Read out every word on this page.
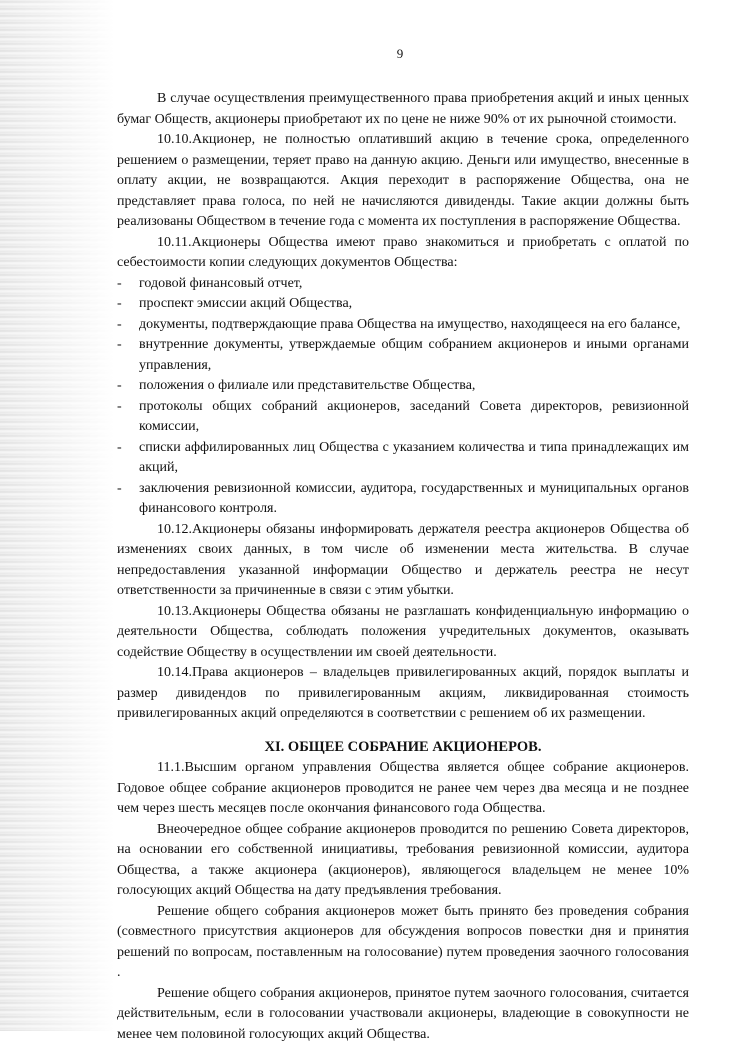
9

В случае осуществления преимущественного права приобретения акций и иных ценных бумаг Обществ, акционеры приобретают их по цене не ниже 90% от их рыночной стоимости.

10.10.Акционер, не полностью оплативший акцию в течение срока, определенного решением о размещении, теряет право на данную акцию. Деньги или имущество, внесенные в оплату акции, не возвращаются. Акция переходит в распоряжение Общества, она не представляет права голоса, по ней не начисляются дивиденды. Такие акции должны быть реализованы Обществом в течение года с момента их поступления в распоряжение Общества.

10.11.Акционеры Общества имеют право знакомиться и приобретать с оплатой по себестоимости копии следующих документов Общества:

- годовой финансовый отчет,
- проспект эмиссии акций Общества,
- документы, подтверждающие права Общества на имущество, находящееся на его балансе,
- внутренние документы, утверждаемые общим собранием акционеров и иными органами управления,
- положения о филиале или представительстве Общества,
- протоколы общих собраний акционеров, заседаний Совета директоров, ревизионной комиссии,
- списки аффилированных лиц Общества с указанием количества и типа принадлежащих им акций,
- заключения ревизионной комиссии, аудитора, государственных и муниципальных органов финансового контроля.

10.12.Акционеры обязаны информировать держателя реестра акционеров Общества об изменениях своих данных, в том числе об изменении места жительства. В случае непредоставления указанной информации Общество и держатель реестра не несут ответственности за причиненные в связи с этим убытки.

10.13.Акционеры Общества обязаны не разглашать конфиденциальную информацию о деятельности Общества, соблюдать положения учредительных документов, оказывать содействие Обществу в осуществлении им своей деятельности.

10.14.Права акционеров – владельцев привилегированных акций, порядок выплаты и размер дивидендов по привилегированным акциям, ликвидированная стоимость привилегированных акций определяются в соответствии с решением об их размещении.

XI. ОБЩЕЕ СОБРАНИЕ АКЦИОНЕРОВ.

11.1.Высшим органом управления Общества является общее собрание акционеров. Годовое общее собрание акционеров проводится не ранее чем через два месяца и не позднее чем через шесть месяцев после окончания финансового года Общества.

Внеочередное общее собрание акционеров проводится по решению Совета директоров, на основании его собственной инициативы, требования ревизионной комиссии, аудитора Общества, а также акционера (акционеров), являющегося владельцем не менее 10% голосующих акций Общества на дату предъявления требования.

Решение общего собрания акционеров может быть принято без проведения собрания (совместного присутствия акционеров для обсуждения вопросов повестки дня и принятия решений по вопросам, поставленным на голосование) путем проведения заочного голосования .

Решение общего собрания акционеров, принятое путем заочного голосования, считается действительным, если в голосовании участвовали акционеры, владеющие в совокупности не менее чем половиной голосующих акций Общества.
